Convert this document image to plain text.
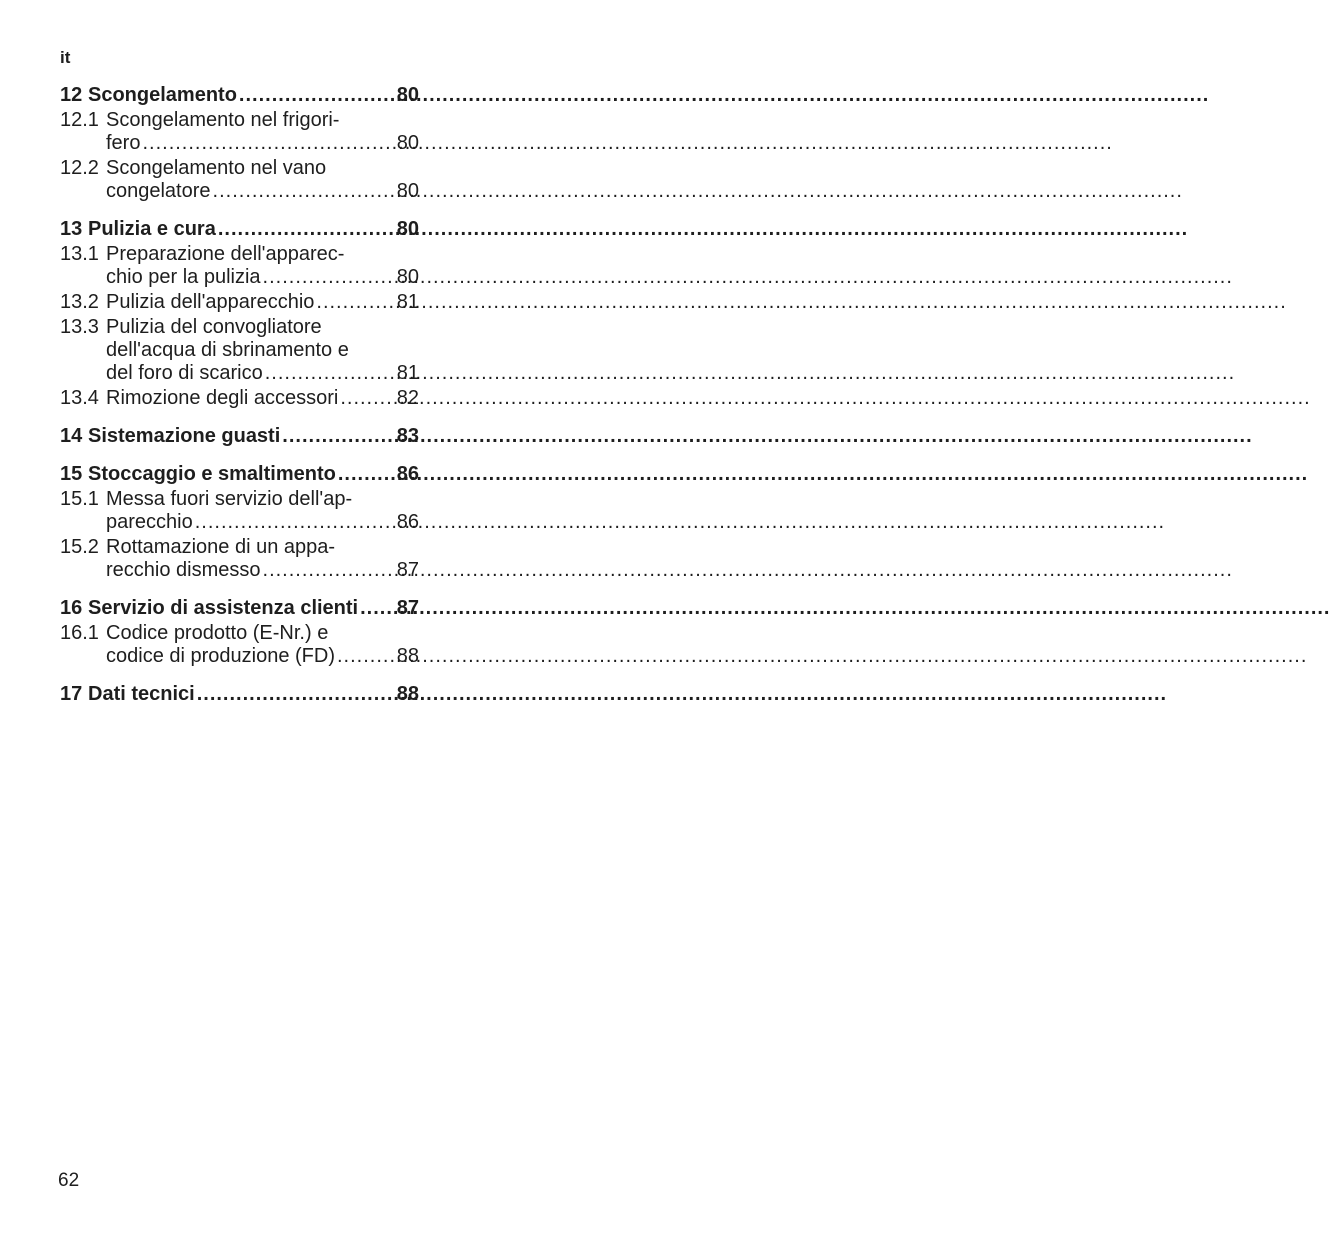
it
12 Scongelamento .....	80
12.1 Scongelamento nel frigori-
fero .....	80
12.2 Scongelamento nel vano
congelatore .....	80
13 Pulizia e cura .....	80
13.1 Preparazione dell'apparec-
chio per la pulizia .....	80
13.2 Pulizia dell'apparecchio .....	81
13.3 Pulizia del convogliatore
dell'acqua di sbrinamento e
del foro di scarico .....	81
13.4 Rimozione degli accessori .....	82
14 Sistemazione guasti .....	83
15 Stoccaggio e smaltimento .....	86
15.1 Messa fuori servizio dell'ap-
parecchio .....	86
15.2 Rottamazione di un appa-
recchio dismesso .....	87
16 Servizio di assistenza clienti ..... 87
16.1 Codice prodotto (E-Nr.) e
codice di produzione (FD) .....	88
17 Dati tecnici .....	88
62
